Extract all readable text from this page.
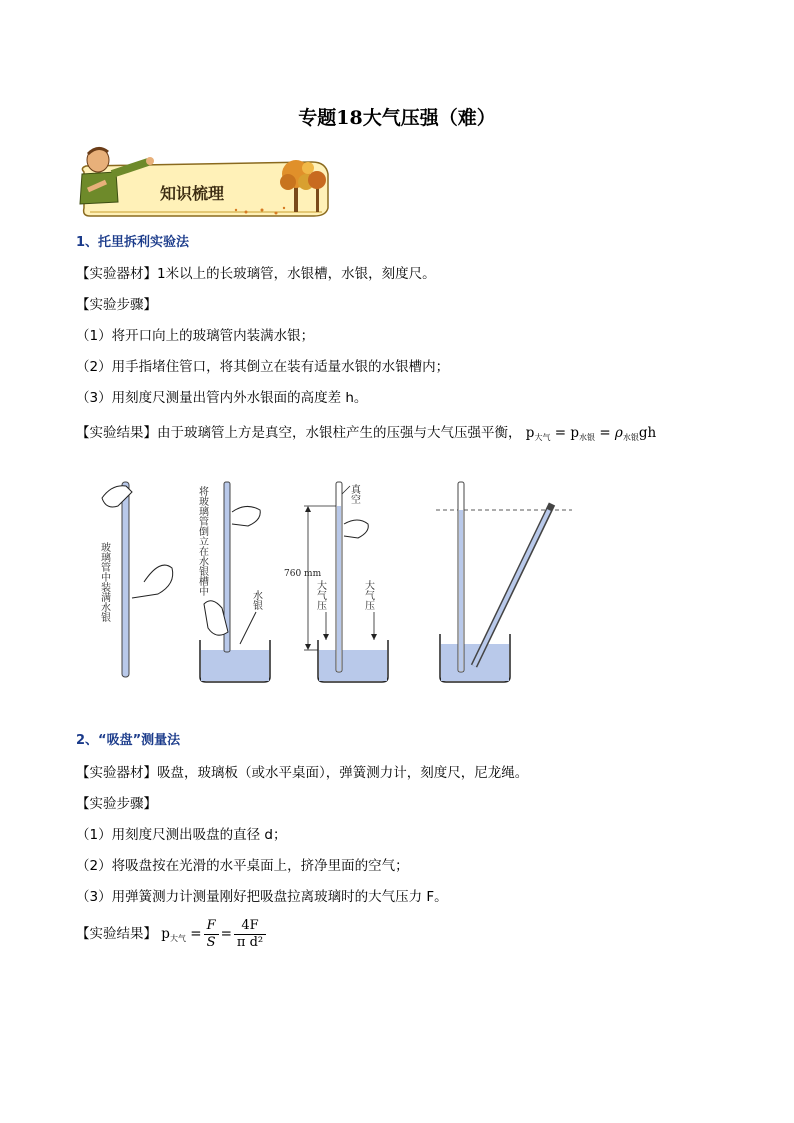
专题18大气压强（难）
知识梳理
1、托里拆利实验法
【实验器材】1米以上的长玻璃管，水银槽，水银，刻度尺。
【实验步骤】
（1）将开口向上的玻璃管内装满水银；
（2）用手指堵住管口，将其倒立在装有适量水银的水银槽内；
（3）用刻度尺测量出管内外水银面的高度差 h。
【实验结果】由于玻璃管上方是真空，水银柱产生的压强与大气压强平衡， $p_{大气} = p_{水银} = \rho_{水银}gh$
玻璃管中装满水银	将玻璃管倒立在水银槽中
水银
760 mm
真空
大气压	大气压
2、“吸盘”测量法
【实验器材】吸盘，玻璃板（或水平桌面），弹簧测力计，刻度尺，尼龙绳。
【实验步骤】
（1）用刻度尺测出吸盘的直径 d；
（2）将吸盘按在光滑的水平桌面上，挤净里面的空气；
（3）用弹簧测力计测量刚好把吸盘拉离玻璃时的大气压力 F。
【实验结果】 $p_{大气} = \frac{F}{S} = \frac{4F}{\text{π d²}}$
